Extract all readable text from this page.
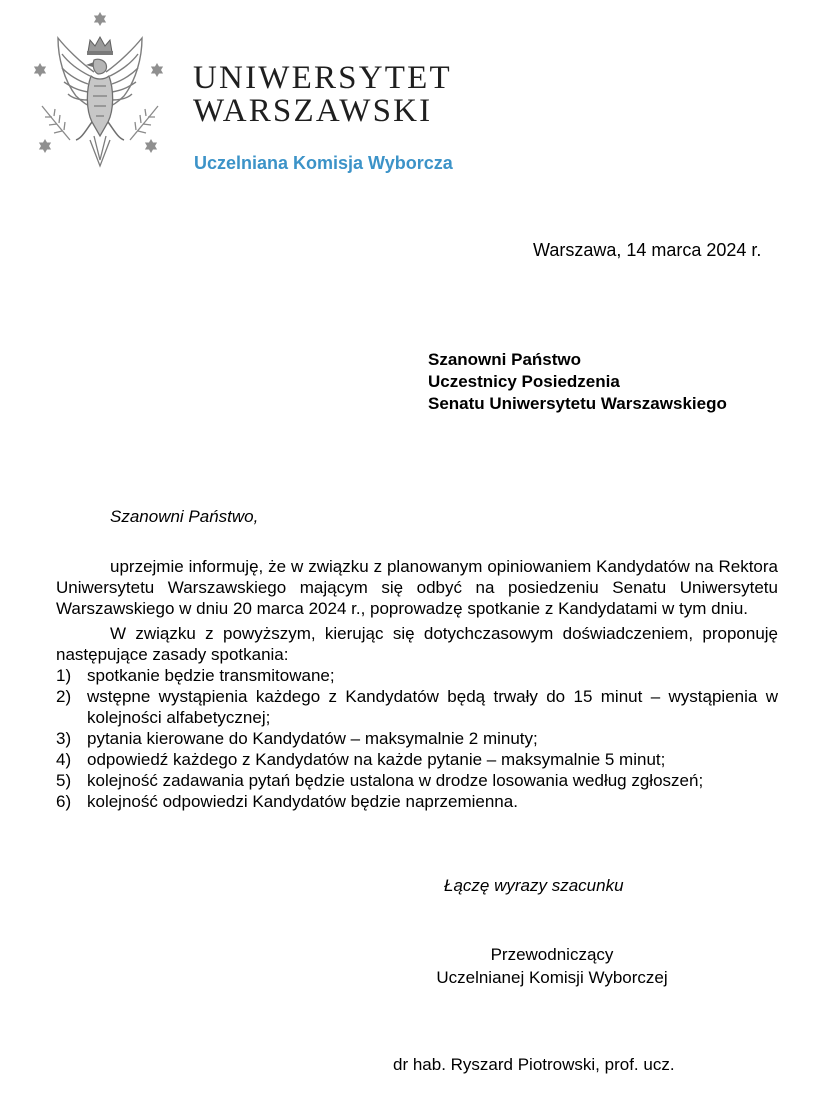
UNIWERSYTET
WARSZAWSKI
Uczelniana Komisja Wyborcza
Warszawa, 14 marca 2024 r.
Szanowni Państwo
Uczestnicy Posiedzenia
Senatu Uniwersytetu Warszawskiego
Szanowni Państwo,

uprzejmie informuję, że w związku z planowanym opiniowaniem Kandydatów na Rektora Uniwersytetu Warszawskiego mającym się odbyć na posiedzeniu Senatu Uniwersytetu Warszawskiego w dniu 20 marca 2024 r., poprowadzę spotkanie z Kandydatami w tym dniu.

W związku z powyższym, kierując się dotychczasowym doświadczeniem, proponuję następujące zasady spotkania:

1) spotkanie będzie transmitowane;
2) wstępne wystąpienia każdego z Kandydatów będą trwały do 15 minut – wystąpienia w kolejności alfabetycznej;
3) pytania kierowane do Kandydatów – maksymalnie 2 minuty;
4) odpowiedź każdego z Kandydatów na każde pytanie – maksymalnie 5 minut;
5) kolejność zadawania pytań będzie ustalona w drodze losowania według zgłoszeń;
6) kolejność odpowiedzi Kandydatów będzie naprzemienna.
Łączę wyrazy szacunku
Przewodniczący
Uczelnianej Komisji Wyborczej
dr hab. Ryszard Piotrowski, prof. ucz.
